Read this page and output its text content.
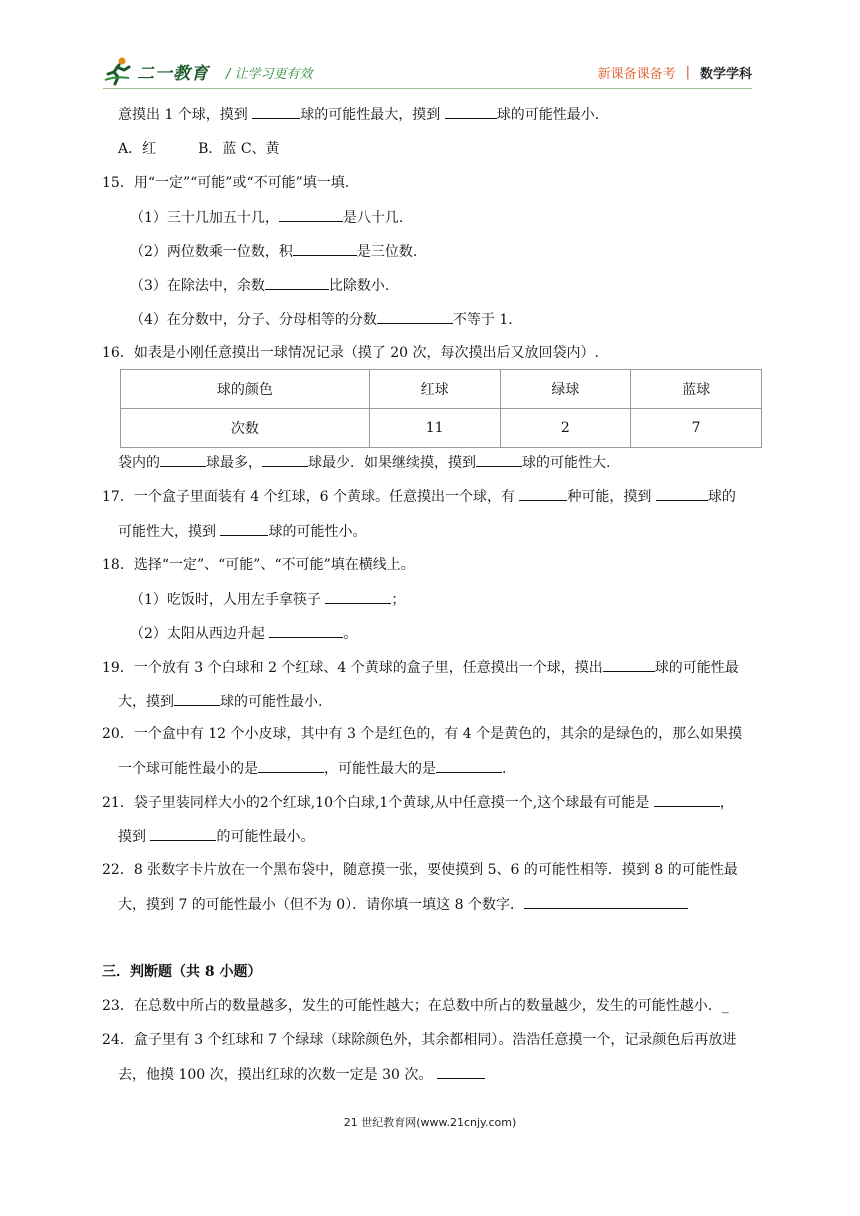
二一教育 / 让学习更有效	新课备课备考 | 数学学科
意摸出 1 个球，摸到	球的可能性最大，摸到	球的可能性最小.
A．红　　　B．蓝 C、黄
15．用“一定”“可能”或“不可能”填一填.
（1）三十几加五十几，	是八十几.
（2）两位数乘一位数，积	是三位数.
（3）在除法中，余数	比除数小.
（4）在分数中，分子、分母相等的分数	不等于 1.
16．如表是小刚任意摸出一球情况记录（摸了 20 次，每次摸出后又放回袋内）.
球的颜色	红球	绿球	蓝球
次数	11	2	7
袋内的	球最多，	球最少．如果继续摸，摸到	球的可能性大.
17．一个盒子里面装有 4 个红球，6 个黄球。任意摸出一个球，有	种可能，摸到	球的
可能性大，摸到	球的可能性小。
18．选择“一定”、“可能”、“不可能”填在横线上。
（1）吃饭时，人用左手拿筷子	；
（2）太阳从西边升起	。
19．一个放有 3 个白球和 2 个红球、4 个黄球的盒子里，任意摸出一个球，摸出	球的可能性最
大，摸到	球的可能性最小.
20．一个盒中有 12 个小皮球，其中有 3 个是红色的，有 4 个是黄色的，其余的是绿色的，那么如果摸
一个球可能性最小的是	，可能性最大的是	.
21．袋子里装同样大小的2个红球,10个白球,1个黄球,从中任意摸一个,这个球最有可能是	，
摸到	的可能性最小。
22．8 张数字卡片放在一个黑布袋中，随意摸一张，要使摸到 5、6 的可能性相等．摸到 8 的可能性最
大，摸到 7 的可能性最小（但不为 0）．请你填一填这 8 个数字．
三．判断题（共 8 小题）
23．在总数中所占的数量越多，发生的可能性越大；在总数中所占的数量越少，发生的可能性越小．_
24．盒子里有 3 个红球和 7 个绿球（球除颜色外，其余都相同）。浩浩任意摸一个，记录颜色后再放进
去，他摸 100 次，摸出红球的次数一定是 30 次。
21 世纪教育网(www.21cnjy.com)
